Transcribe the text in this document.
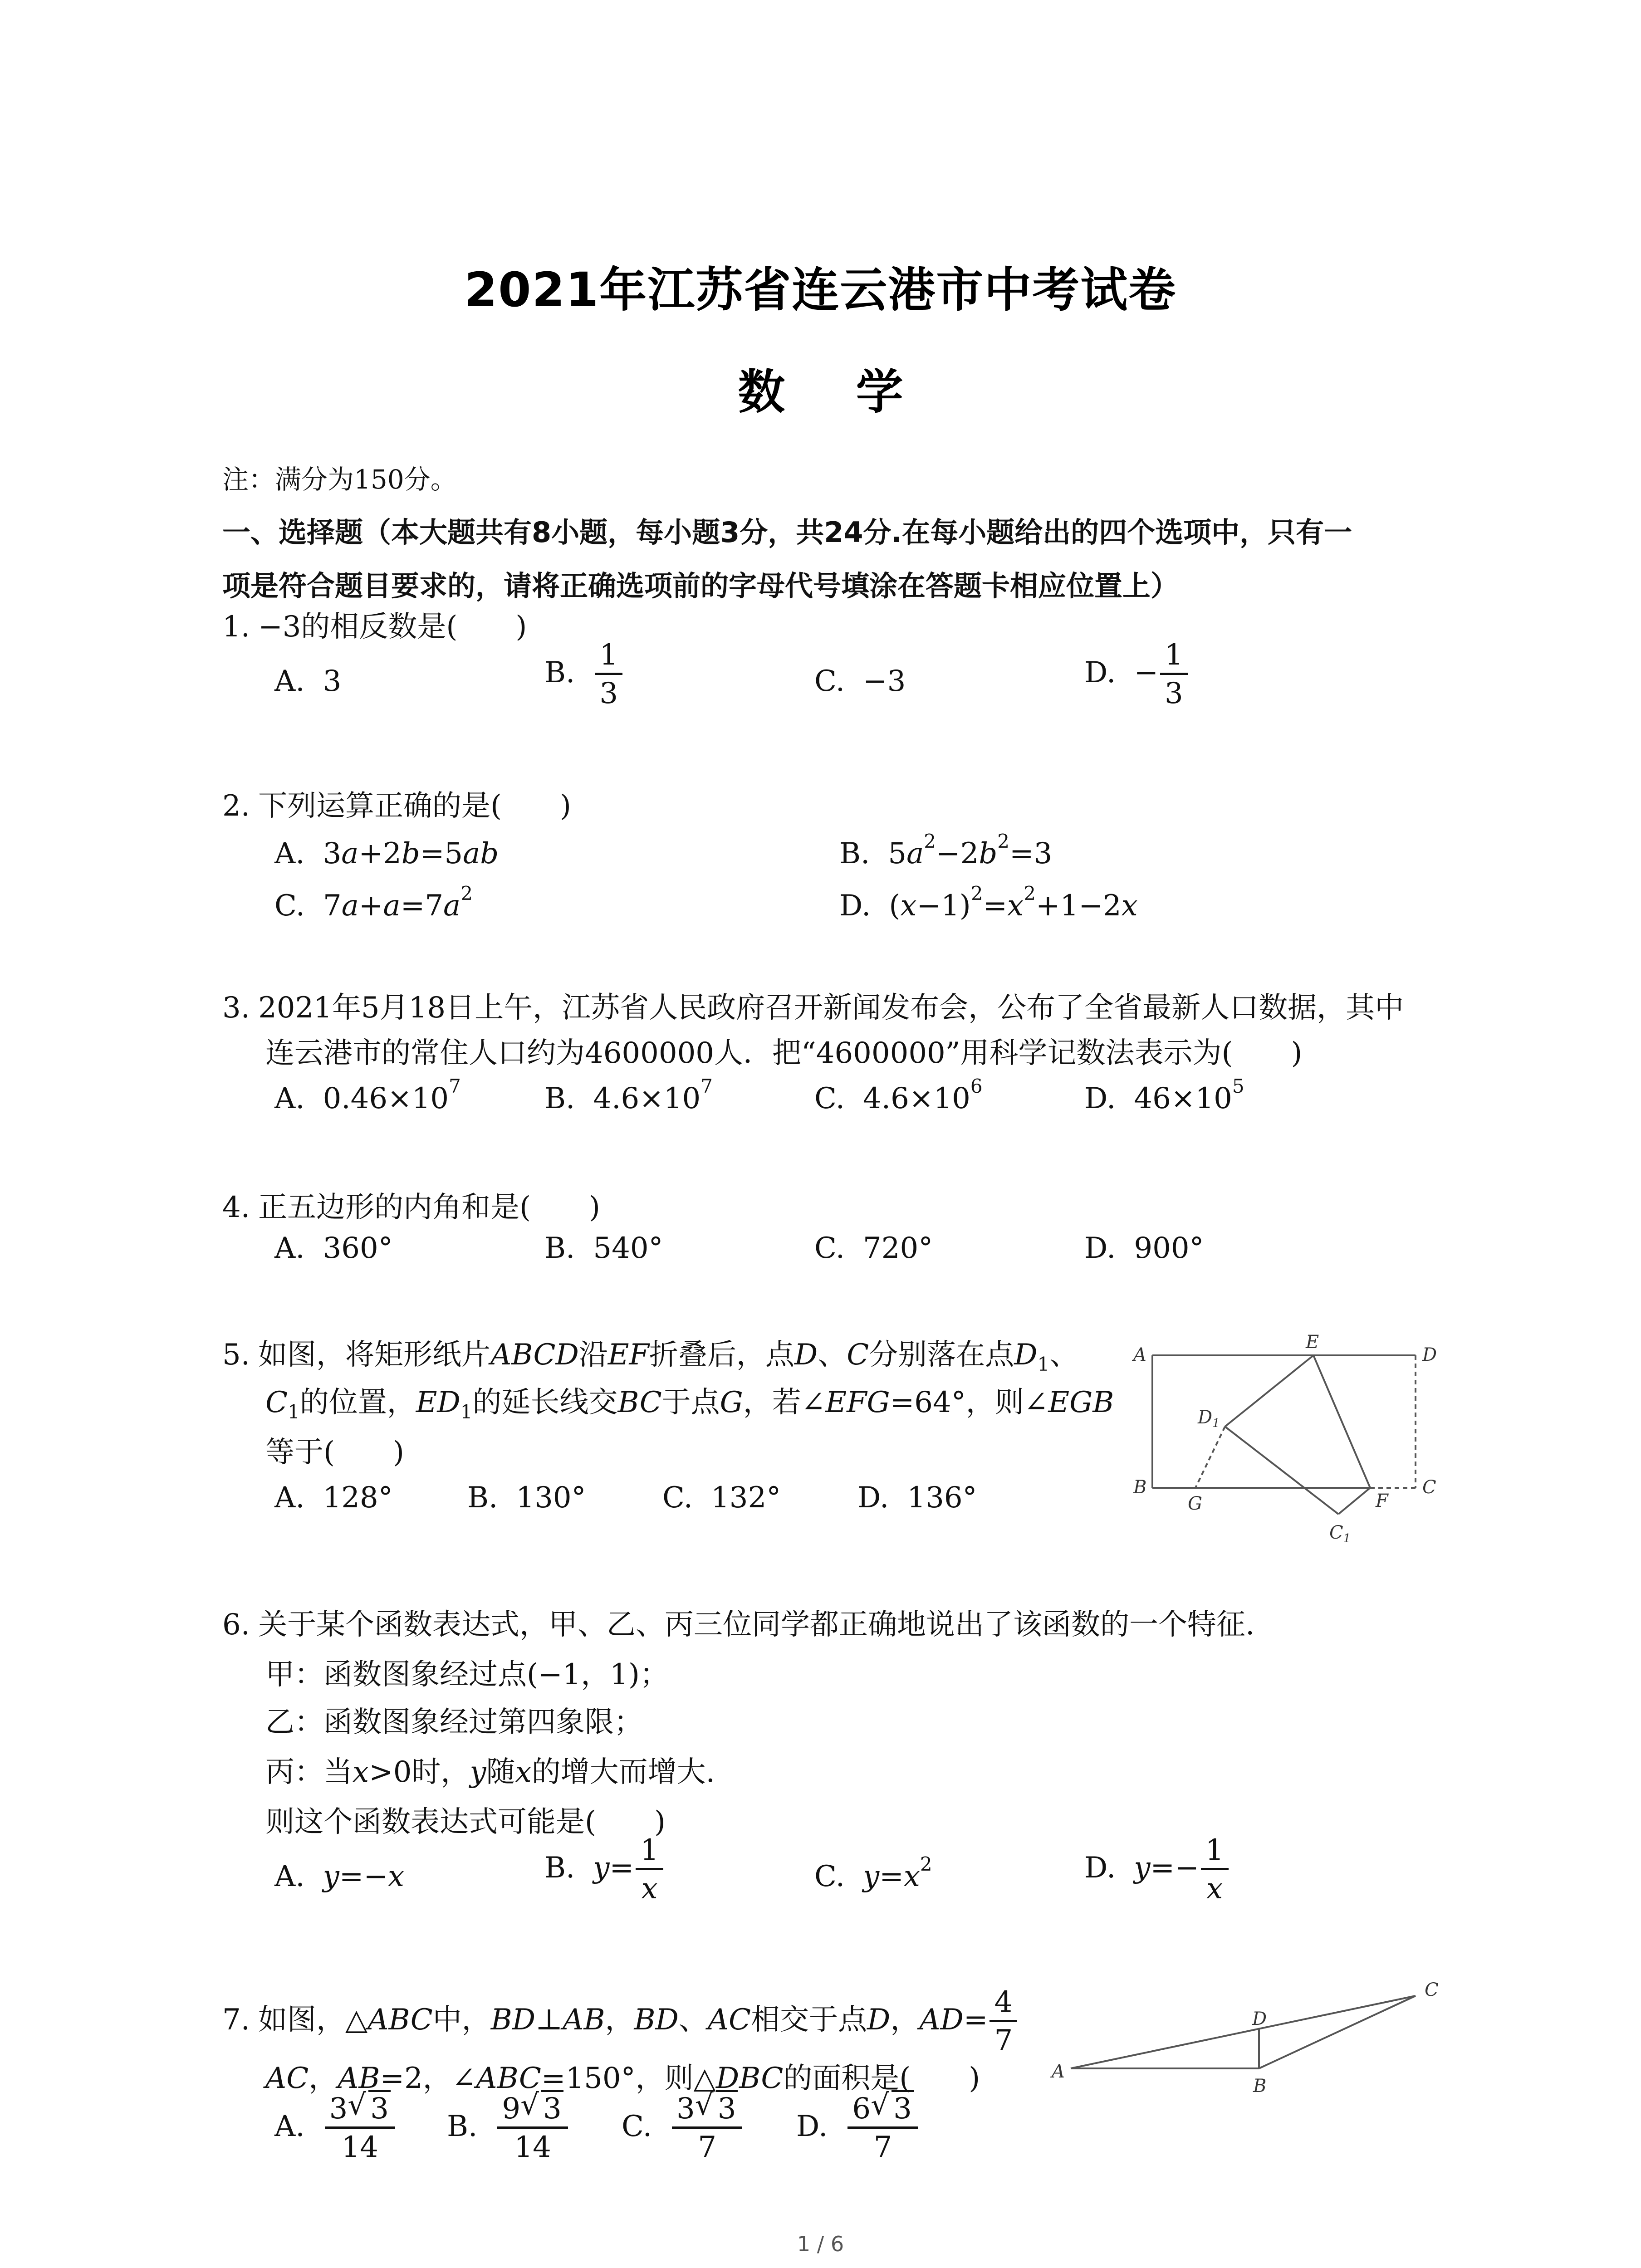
2021年江苏省连云港市中考试卷
数 学
注：满分为150分。
一、选择题（本大题共有8小题，每小题3分，共24分.在每小题给出的四个选项中，只有一
项是符合题目要求的，请将正确选项前的字母代号填涂在答题卡相应位置上）
1. −3的相反数是(　　)
A. 3	B. $\frac{1}{3}$	C. −3	D. − $\frac{1}{3}$
2. 下列运算正确的是(　　)
A. 3a+2b=5ab	B. $5a^2-2b^2=3$
C. $7a+a=7a^2$	D. $(x-1)^2=x^2+1-2x$
3. 2021年5月18日上午，江苏省人民政府召开新闻发布会，公布了全省最新人口数据，其中
连云港市的常住人口约为4600000人．把“4600000”用科学记数法表示为(　　)
A. $0.46\times 10^7$	B. $4.6\times 10^7$	C. $4.6\times 10^6$	D. $46\times 10^5$
4. 正五边形的内角和是(　　)
A. 360°	B. 540°	C. 720°	D. 900°
5. 如图，将矩形纸片ABCD沿EF折叠后，点D、C分别落在点$D_1$、
$C_1$的位置，$ED_1$的延长线交BC于点G，若∠EFG=64°，则∠EGB
等于(　　)
A. 128°	B. 130°	C. 132°	D. 136°
A
E
D
$D_1$
B
G	F
C
$C_1$
6. 关于某个函数表达式，甲、乙、丙三位同学都正确地说出了该函数的一个特征.
甲：函数图象经过点(−1，1)；
乙：函数图象经过第四象限；
丙：当x>0时，y随x的增大而增大.
则这个函数表达式可能是(　　)
A. y=−x	B. $y= \frac{1}{x}$	C. $y=x^2$	D. $y=- \frac{1}{x}$
7. 如图，△ABC中，BD⊥AB，BD、AC相交于点D，$AD= \frac{4}{7}$
AC，AB=2，∠ABC=150°，则△DBC的面积是(　　)
A. $\frac{3 √ 3}{14} B$. $\frac{9 √ 3}{14} C$. $\frac{3 √ 3}{7} D$. $\frac{6 √ 3}{7}$
A
B
C
D
1 / 6
